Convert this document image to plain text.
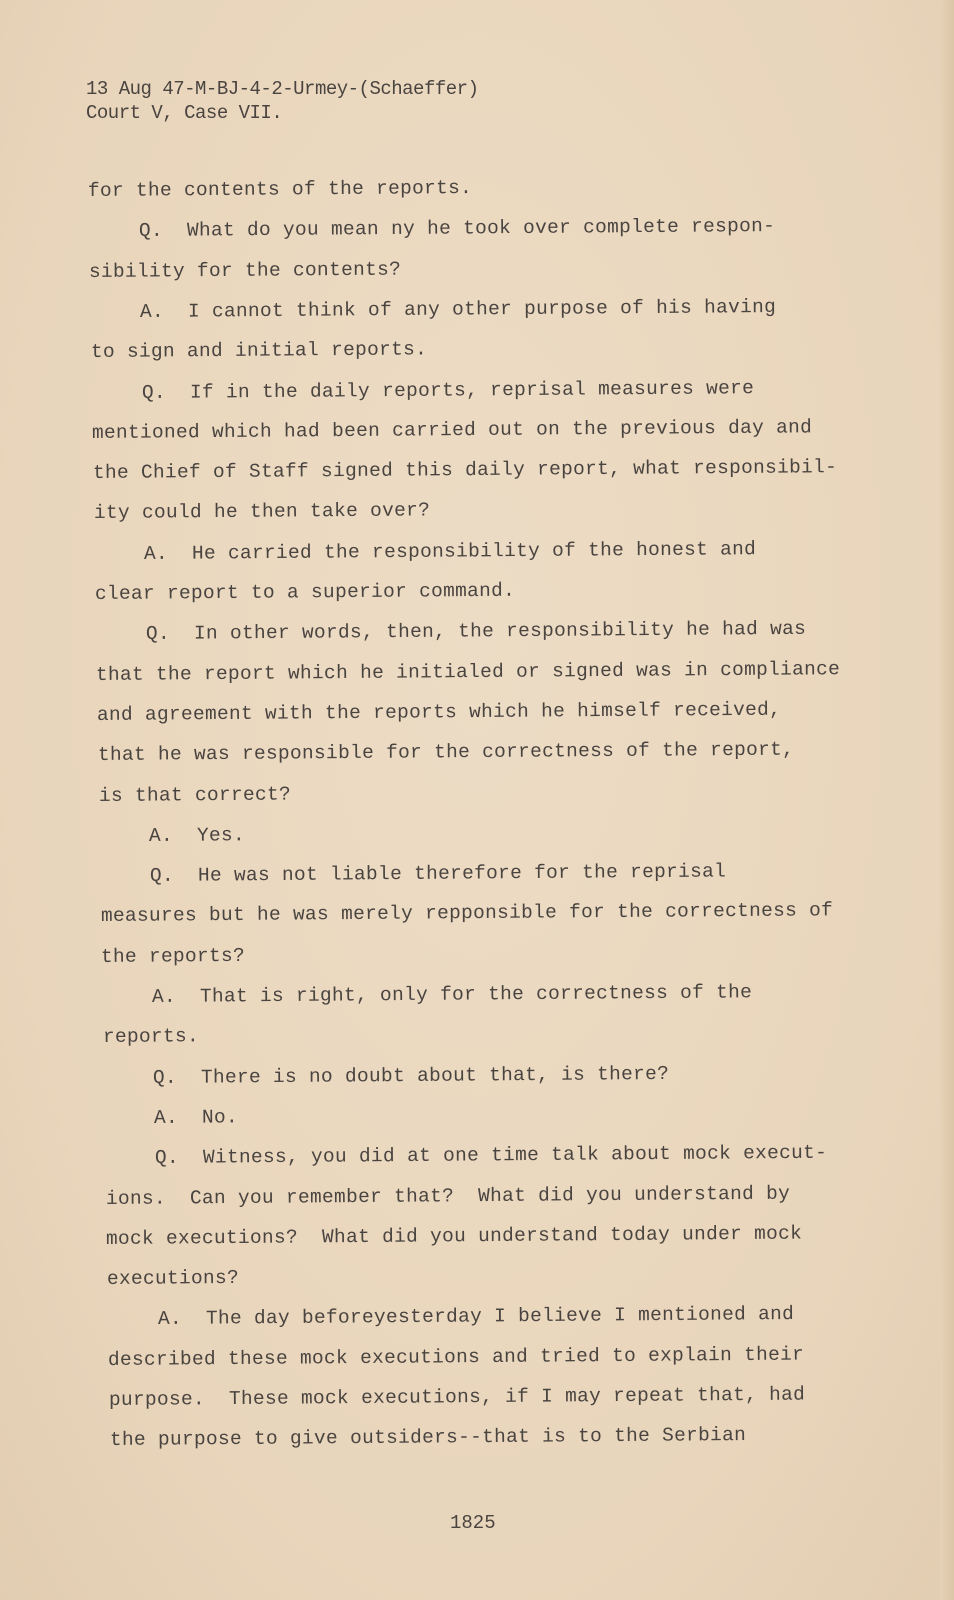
13 Aug 47-M-BJ-4-2-Urmey-(Schaeffer)
Court V, Case VII.
for the contents of the reports.
Q.  What do you mean ny he took over complete respon-
sibility for the contents?
A.  I cannot think of any other purpose of his having
to sign and initial reports.
Q.  If in the daily reports, reprisal measures were
mentioned which had been carried out on the previous day and
the Chief of Staff signed this daily report, what responsibil-
ity could he then take over?
A.  He carried the responsibility of the honest and
clear report to a superior command.
Q.  In other words, then, the responsibility he had was
that the report which he initialed or signed was in compliance
and agreement with the reports which he himself received,
that he was responsible for the correctness of the report,
is that correct?
A.  Yes.
Q.  He was not liable therefore for the reprisal
measures but he was merely repponsible for the correctness of
the reports?
A.  That is right, only for the correctness of the
reports.
Q.  There is no doubt about that, is there?
A.  No.
Q.  Witness, you did at one time talk about mock execut-
ions.  Can you remember that?  What did you understand by
mock executions?  What did you understand today under mock
executions?
A.  The day beforeyesterday I believe I mentioned and
described these mock executions and tried to explain their
purpose.  These mock executions, if I may repeat that, had
the purpose to give outsiders--that is to the Serbian
1825
